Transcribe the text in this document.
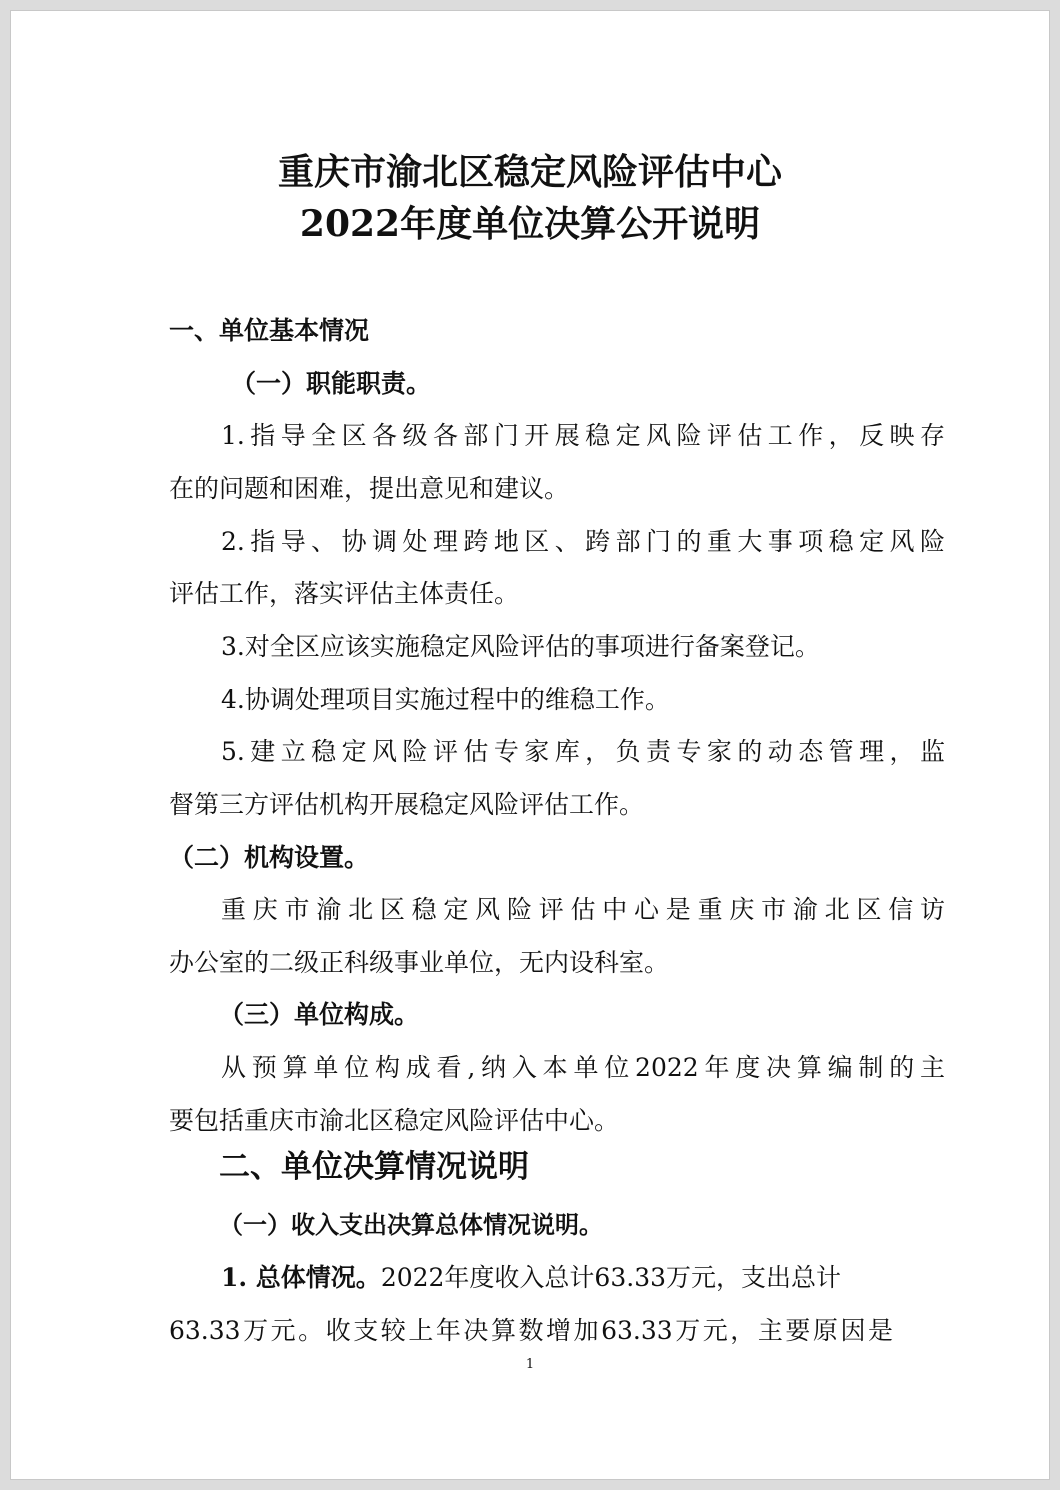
重庆市渝北区稳定风险评估中心
2022年度单位决算公开说明
一、单位基本情况
（一）职能职责。
1.指导全区各级各部门开展稳定风险评估工作，反映存
在的问题和困难，提出意见和建议。
2.指导、协调处理跨地区、跨部门的重大事项稳定风险
评估工作，落实评估主体责任。
3.对全区应该实施稳定风险评估的事项进行备案登记。
4.协调处理项目实施过程中的维稳工作。
5.建立稳定风险评估专家库，负责专家的动态管理，监
督第三方评估机构开展稳定风险评估工作。
（二）机构设置。
重庆市渝北区稳定风险评估中心是重庆市渝北区信访
办公室的二级正科级事业单位，无内设科室。
（三）单位构成。
从预算单位构成看,纳入本单位2022年度决算编制的主
要包括重庆市渝北区稳定风险评估中心。
二、单位决算情况说明
（一）收入支出决算总体情况说明。
1. 总体情况。2022年度收入总计63.33万元，支出总计
63.33万元。收支较上年决算数增加63.33万元，主要原因是
1
